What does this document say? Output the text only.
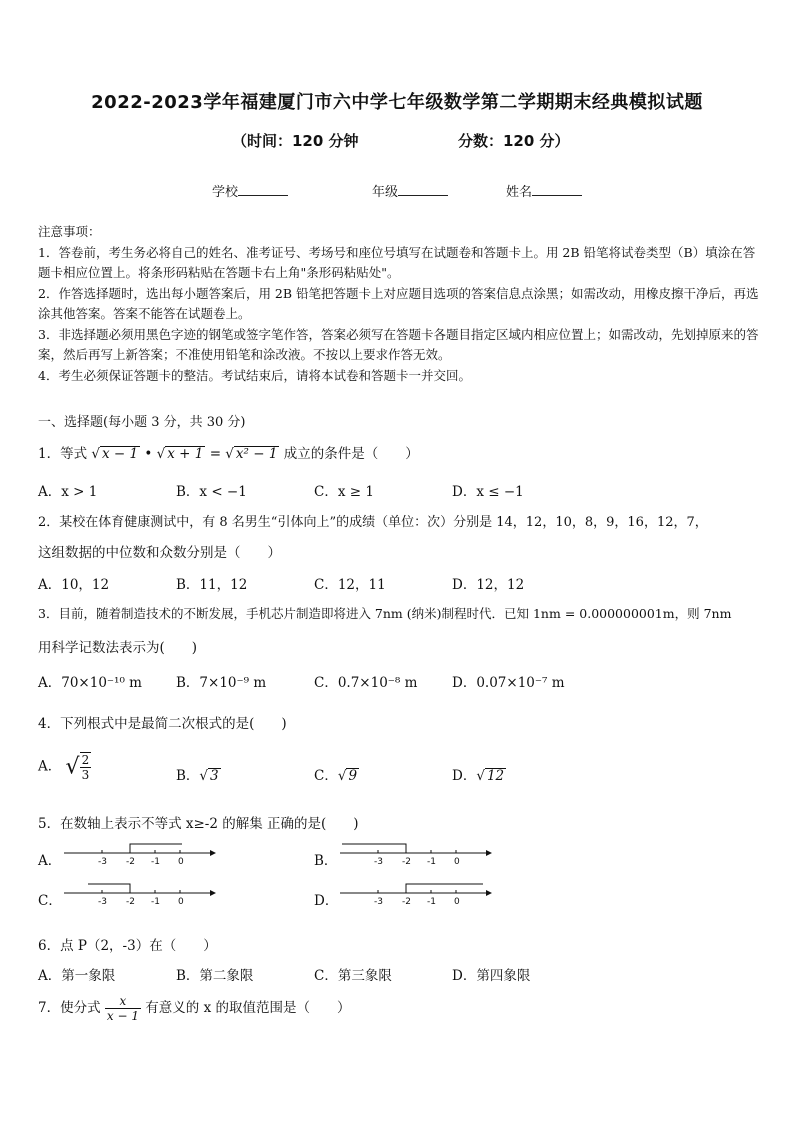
2022-2023学年福建厦门市六中学七年级数学第二学期期末经典模拟试题
（时间：120 分钟	分数：120 分）
学校	年级	姓名

注意事项：

1．答卷前，考生务必将自己的姓名、准考证号、考场号和座位号填写在试题卷和答题卡上。用 2B 铅笔将试卷类型（B）填涂在答题卡相应位置上。将条形码粘贴在答题卡右上角"条形码粘贴处"。

2．作答选择题时，选出每小题答案后，用 2B 铅笔把答题卡上对应题目选项的答案信息点涂黑；如需改动，用橡皮擦干净后，再选涂其他答案。答案不能答在试题卷上。

3．非选择题必须用黑色字迹的钢笔或签字笔作答，答案必须写在答题卡各题目指定区域内相应位置上；如需改动，先划掉原来的答案，然后再写上新答案；不准使用铅笔和涂改液。不按以上要求作答无效。

4．考生必须保证答题卡的整洁。考试结束后，请将本试卷和答题卡一并交回。

一、选择题(每小题 3 分，共 30 分)
1．等式 √ x − 1 • √ x + 1 = √ x² − 1 成立的条件是（　　）
A．x > 1	B．x < −1	C．x ≥ 1	D．x ≤ −1
2．某校在体育健康测试中，有 8 名男生“引体向上”的成绩（单位：次）分别是 14，12，10，8，9，16，12，7，
这组数据的中位数和众数分别是（　　）
A．10，12	B．11，12	C．12，11	D．12，12
3．目前，随着制造技术的不断发展，手机芯片制造即将进入 7nm (纳米)制程时代．已知 1nm = 0.000000001m，则 7nm
用科学记数法表示为(　　)
A．70×10⁻¹⁰ m	B．7×10⁻⁹ m	C．0.7×10⁻⁸ m	D．0.07×10⁻⁷ m
4．下列根式中是最简二次根式的是(　　)
A． √ $\frac{2}{3}$	B．√ 3	C．√ 9	D．√ 12
5．在数轴上表示不等式 x≥-2 的解集 正确的是(　　)
A．	-3 -2 -1 0	B．	-3 -2 -1 0
C．	-3 -2 -1 0	D．	-3 -2 -1 0
6．点 P（2，-3）在（　　）
A．第一象限	B．第二象限	C．第三象限	D．第四象限
7．使分式 $\frac{x}{x - 1}$ 有意义的 x 的取值范围是（　　）
